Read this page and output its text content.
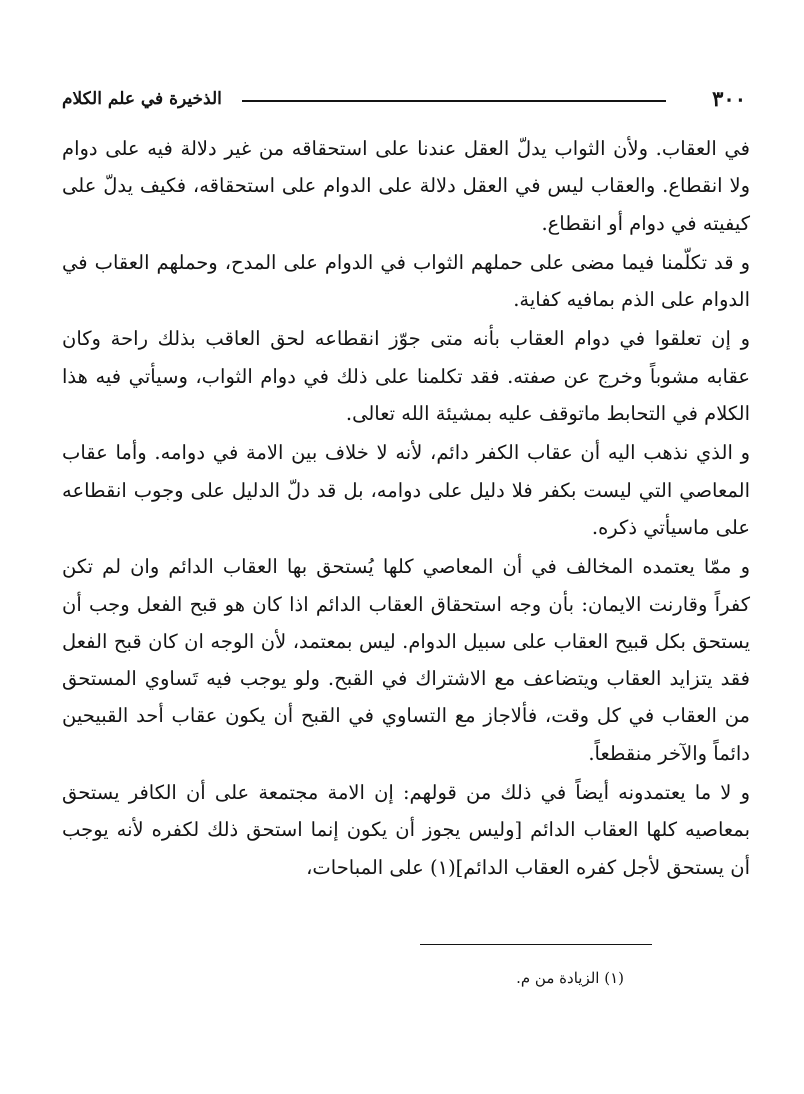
٣٠٠
الذخيرة في علم الكلام

في العقاب. ولأن الثواب يدلّ العقل عندنا على استحقاقه من غير دلالة فيه على دوام ولا انقطاع. والعقاب ليس في العقل دلالة على الدوام على استحقاقه، فكيف يدلّ على كيفيته في دوام أو انقطاع.

و قد تكلّمنا فيما مضى على حملهم الثواب في الدوام على المدح، وحملهم العقاب في الدوام على الذم بمافيه كفاية.

و إن تعلقوا في دوام العقاب بأنه متى جوّز انقطاعه لحق العاقب بذلك راحة وكان عقابه مشوباً وخرج عن صفته. فقد تكلمنا على ذلك في دوام الثواب، وسيأتي فيه هذا الكلام في التحابط ماتوقف عليه بمشيئة الله تعالى.

و الذي نذهب اليه أن عقاب الكفر دائم، لأنه لا خلاف بين الامة في دوامه. وأما عقاب المعاصي التي ليست بكفر فلا دليل على دوامه، بل قد دلّ الدليل على وجوب انقطاعه على ماسيأتي ذكره.

و ممّا يعتمده المخالف في أن المعاصي كلها يُستحق بها العقاب الدائم وان لم تكن كفراً وقارنت الايمان: بأن وجه استحقاق العقاب الدائم اذا كان هو قبح الفعل وجب أن يستحق بكل قبيح العقاب على سبيل الدوام. ليس بمعتمد، لأن الوجه ان كان قبح الفعل فقد يتزايد العقاب ويتضاعف مع الاشتراك في القبح. ولو يوجب فيه تَساوي المستحق من العقاب في كل وقت، فألاجاز مع التساوي في القبح أن يكون عقاب أحد القبيحين دائماً والآخر منقطعاً.

و لا ما يعتمدونه أيضاً في ذلك من قولهم: إن الامة مجتمعة على أن الكافر يستحق بمعاصيه كلها العقاب الدائم [وليس يجوز أن يكون إنما استحق ذلك لكفره لأنه يوجب أن يستحق لأجل كفره العقاب الدائم](١) على المباحات،

(١) الزيادة من م.
